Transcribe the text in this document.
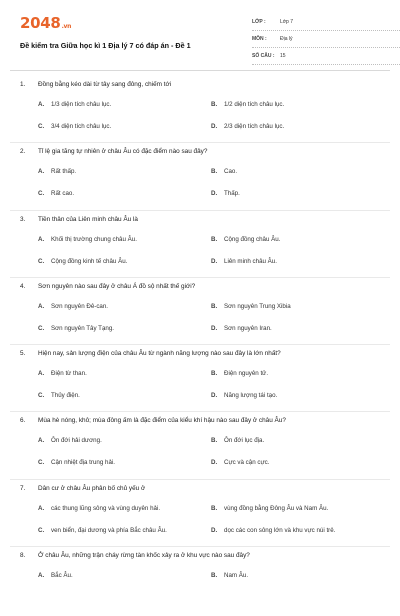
2048.vn
Đề kiểm tra Giữa học kì 1 Địa lý 7 có đáp án - Đề 1
LỚP :	Lớp 7
MÔN :	Địa lý
SỐ CÂU :	15
1. Đồng bằng kéo dài từ tây sang đông, chiếm tới
A. 1/3 diện tích châu lục.	B. 1/2 diện tích châu lục.
C. 3/4 diện tích châu lục.	D. 2/3 diện tích châu lục.
2. Tỉ lệ gia tăng tự nhiên ở châu Âu có đặc điểm nào sau đây?
A. Rất thấp.	B. Cao.
C. Rất cao.	D. Thấp.
3. Tiền thân của Liên minh châu Âu là
A. Khối thị trường chung châu Âu.	B. Cộng đồng châu Âu.
C. Cộng đồng kinh tế châu Âu.	D. Liên minh châu Âu.
4. Sơn nguyên nào sau đây ở châu Á đồ sộ nhất thế giới?
A. Sơn nguyên Đê-can.	B. Sơn nguyên Trung Xibia
C. Sơn nguyên Tây Tạng.	D. Sơn nguyên Iran.
5. Hiện nay, sản lượng điện của châu Âu từ ngành năng lượng nào sau đây là lớn nhất?
A. Điện từ than.	B. Điện nguyên tử.
C. Thủy điện.	D. Năng lượng tái tạo.
6. Mùa hè nóng, khô; mùa đông ấm là đặc điểm của kiểu khí hậu nào sau đây ở châu Âu?
A. Ôn đới hải dương.	B. Ôn đới lục địa.
C. Cận nhiệt địa trung hải.	D. Cực và cận cực.
7. Dân cư ở châu Âu phân bố chủ yếu ở
A. các thung lũng sông và vùng duyên hải.	B. vùng đồng bằng Đông Âu và Nam Âu.
C. ven biển, đại dương và phía Bắc châu Âu.	D. dọc các con sông lớn và khu vực núi trẻ.
8. Ở châu Âu, những trận cháy rừng tàn khốc xảy ra ở khu vực nào sau đây?
A. Bắc Âu.	B. Nam Âu.
